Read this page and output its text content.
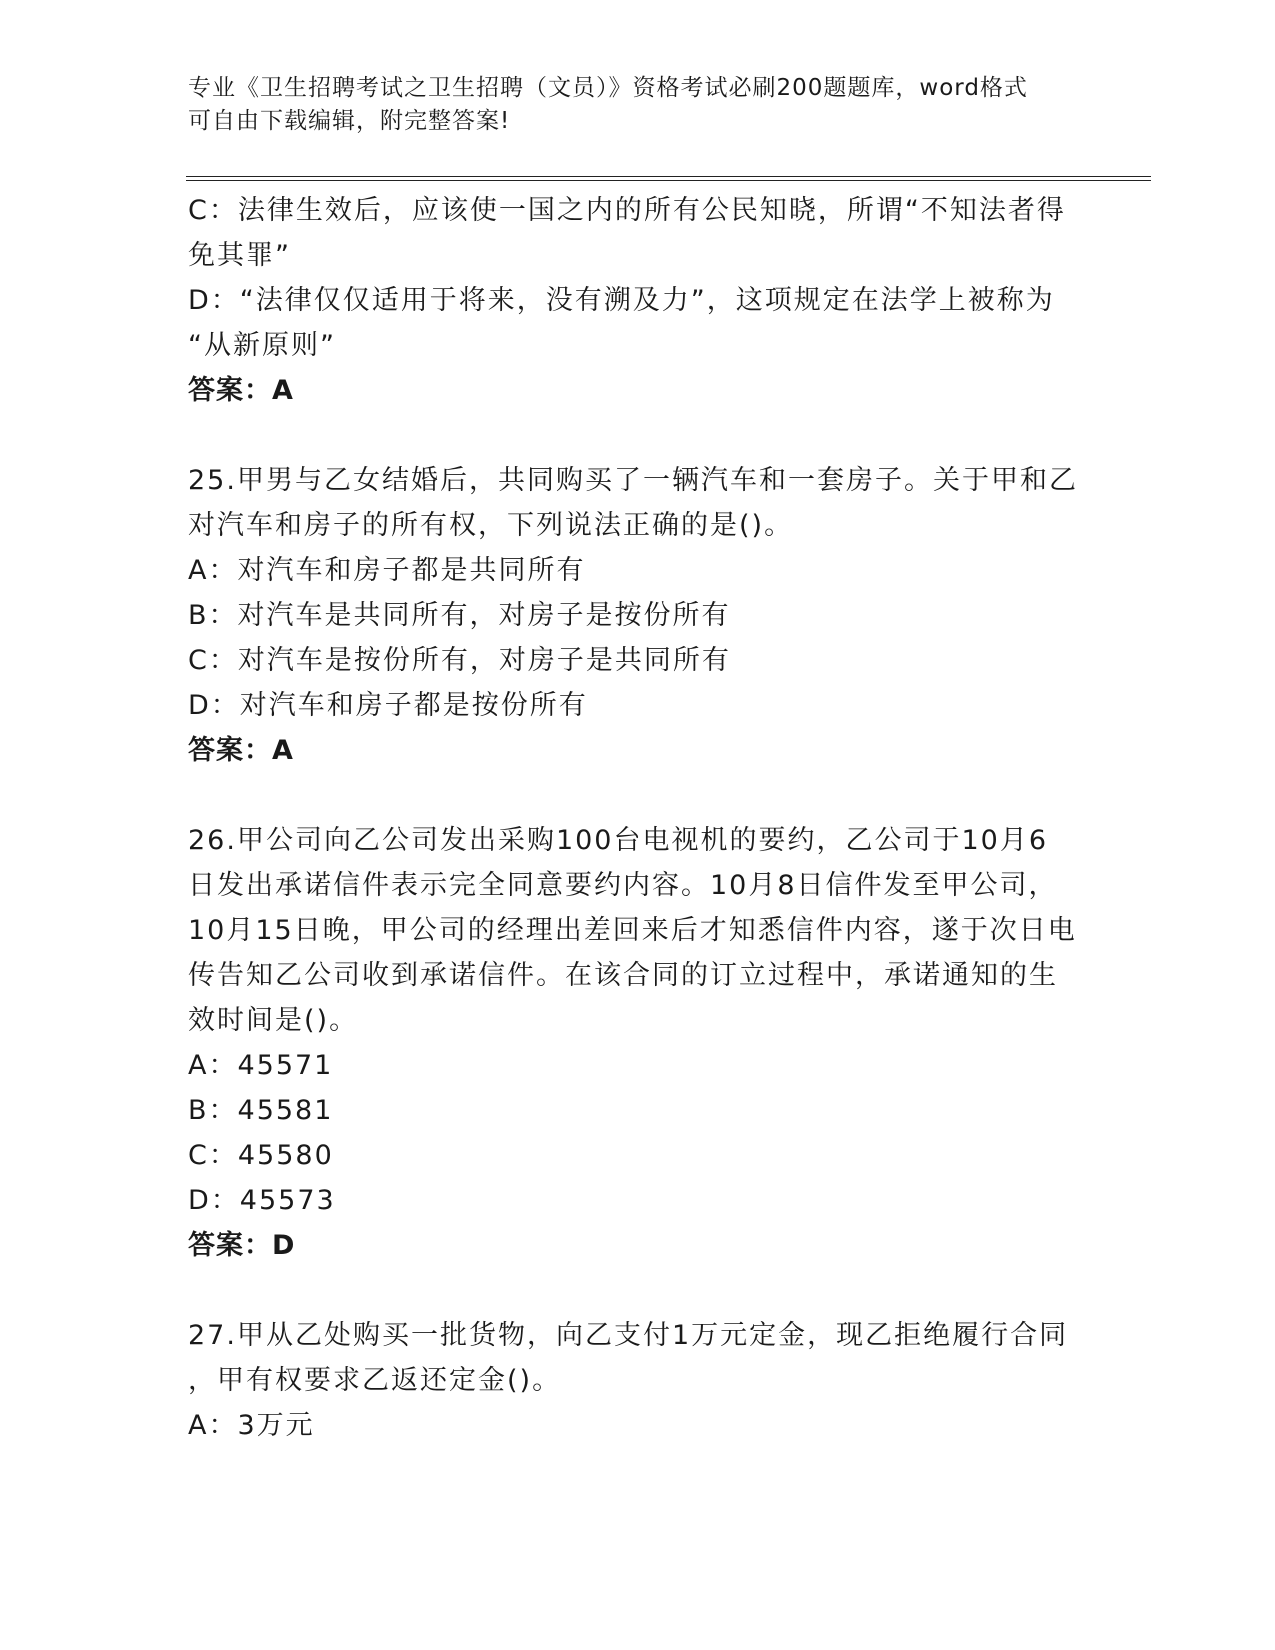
专业《卫生招聘考试之卫生招聘（文员）》资格考试必刷200题题库，word格式
可自由下载编辑，附完整答案!
C：法律生效后，应该使一国之内的所有公民知晓，所谓“不知法者得
免其罪”
D：“法律仅仅适用于将来，没有溯及力”，这项规定在法学上被称为
“从新原则”
答案：A
25.甲男与乙女结婚后，共同购买了一辆汽车和一套房子。关于甲和乙
对汽车和房子的所有权，下列说法正确的是()。
A：对汽车和房子都是共同所有
B：对汽车是共同所有，对房子是按份所有
C：对汽车是按份所有，对房子是共同所有
D：对汽车和房子都是按份所有
答案：A
26.甲公司向乙公司发出采购100台电视机的要约，乙公司于10月6
日发出承诺信件表示完全同意要约内容。10月8日信件发至甲公司，
10月15日晚，甲公司的经理出差回来后才知悉信件内容，遂于次日电
传告知乙公司收到承诺信件。在该合同的订立过程中，承诺通知的生
效时间是()。
A：45571
B：45581
C：45580
D：45573
答案：D
27.甲从乙处购买一批货物，向乙支付1万元定金，现乙拒绝履行合同
，甲有权要求乙返还定金()。
A：3万元
